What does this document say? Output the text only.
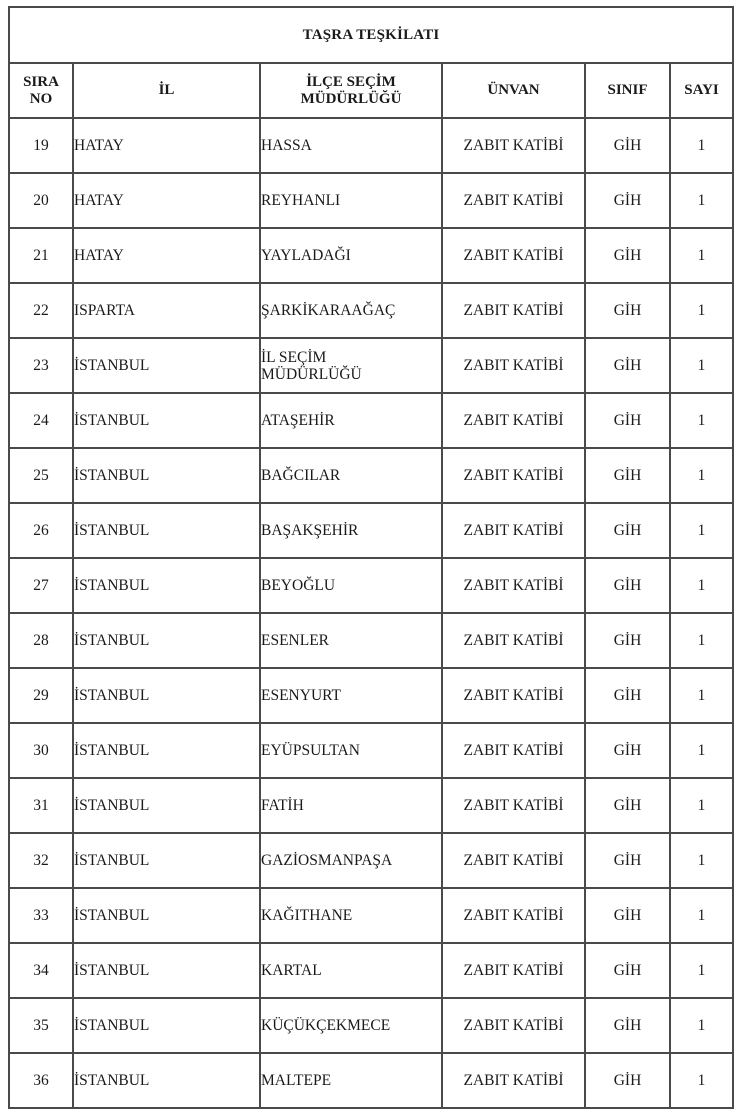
TAŞRA TEŞKİLATI					
SIRA NO	İL	İLÇE SEÇİM MÜDÜRLÜĞÜ	ÜNVAN	SINIF	SAYI
19	HATAY	HASSA	ZABIT KATİBİ	GİH	1
20	HATAY	REYHANLI	ZABIT KATİBİ	GİH	1
21	HATAY	YAYLADAĞI	ZABIT KATİBİ	GİH	1
22	ISPARTA	ŞARKİKARAAĞAÇ	ZABIT KATİBİ	GİH	1
23	İSTANBUL	İL SEÇİM MÜDÜRLÜĞÜ	ZABIT KATİBİ	GİH	1
24	İSTANBUL	ATAŞEHİR	ZABIT KATİBİ	GİH	1
25	İSTANBUL	BAĞCILAR	ZABIT KATİBİ	GİH	1
26	İSTANBUL	BAŞAKŞEHİR	ZABIT KATİBİ	GİH	1
27	İSTANBUL	BEYOĞLU	ZABIT KATİBİ	GİH	1
28	İSTANBUL	ESENLER	ZABIT KATİBİ	GİH	1
29	İSTANBUL	ESENYURT	ZABIT KATİBİ	GİH	1
30	İSTANBUL	EYÜPSULTAN	ZABIT KATİBİ	GİH	1
31	İSTANBUL	FATİH	ZABIT KATİBİ	GİH	1
32	İSTANBUL	GAZİOSMANPAŞA	ZABIT KATİBİ	GİH	1
33	İSTANBUL	KAĞITHANE	ZABIT KATİBİ	GİH	1
34	İSTANBUL	KARTAL	ZABIT KATİBİ	GİH	1
35	İSTANBUL	KÜÇÜKÇEKMECE	ZABIT KATİBİ	GİH	1
36	İSTANBUL	MALTEPE	ZABIT KATİBİ	GİH	1
